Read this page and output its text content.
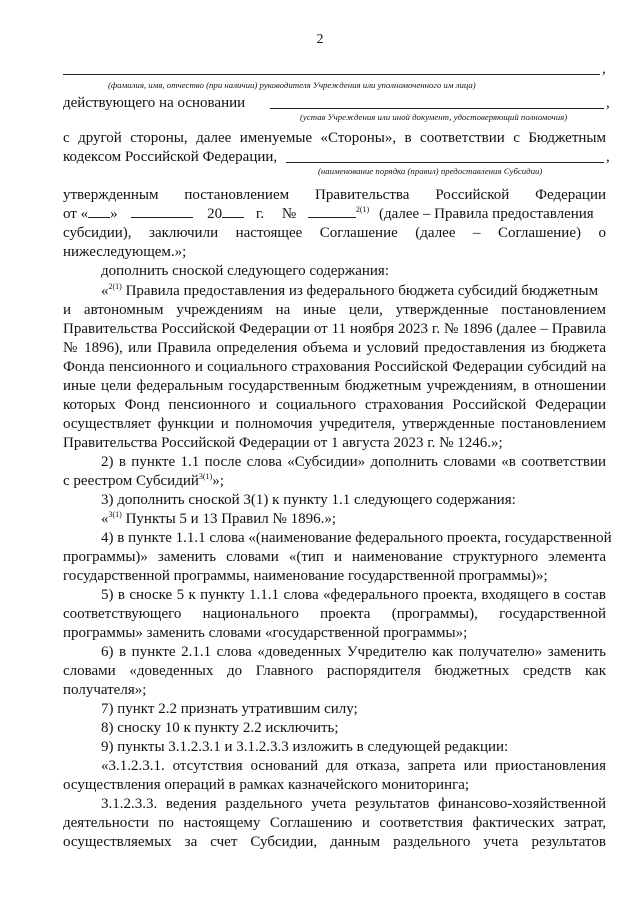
2
,
(фамилия, имя, отчество (при наличии) руководителя Учреждения или уполномоченного им лица)
действующего на основании	,
(устав Учреждения или иной документ, удостоверяющий полномочия)
с другой стороны, далее именуемые «Стороны», в соответствии с Бюджетным
кодексом Российской Федерации,	,
(наименование порядка (правил) предоставления Субсидии)
утвержденным постановлением Правительства Российской Федерации
от « »	20 г. №	$^{2(1)}$ (далее – Правила предоставления
субсидии), заключили настоящее Соглашение (далее – Соглашение) о
нижеследующем.»;
дополнить сноской следующего содержания:
«$^{2(1)}$ Правила предоставления из федерального бюджета субсидий бюджетным
и автономным учреждениям на иные цели, утвержденные постановлением
Правительства Российской Федерации от 11 ноября 2023 г. № 1896 (далее – Правила
№ 1896), или Правила определения объема и условий предоставления из бюджета
Фонда пенсионного и социального страхования Российской Федерации субсидий на
иные цели федеральным государственным бюджетным учреждениям, в отношении
которых Фонд пенсионного и социального страхования Российской Федерации
осуществляет функции и полномочия учредителя, утвержденные постановлением
Правительства Российской Федерации от 1 августа 2023 г. № 1246.»;
2) в пункте 1.1 после слова «Субсидии» дополнить словами «в соответствии
с реестром Субсидий$^{3(1)}$»;
3) дополнить сноской 3(1) к пункту 1.1 следующего содержания:
«$^{3(1)}$ Пункты 5 и 13 Правил № 1896.»;
4) в пункте 1.1.1 слова «(наименование федерального проекта, государственной
программы)» заменить словами «(тип и наименование структурного элемента
государственной программы, наименование государственной программы)»;
5) в сноске 5 к пункту 1.1.1 слова «федерального проекта, входящего в состав
соответствующего национального проекта (программы), государственной
программы» заменить словами «государственной программы»;
6) в пункте 2.1.1 слова «доведенных Учредителю как получателю» заменить
словами «доведенных до Главного распорядителя бюджетных средств как
получателя»;
7) пункт 2.2 признать утратившим силу;
8) сноску 10 к пункту 2.2 исключить;
9) пункты 3.1.2.3.1 и 3.1.2.3.3 изложить в следующей редакции:
«3.1.2.3.1. отсутствия оснований для отказа, запрета или приостановления
осуществления операций в рамках казначейского мониторинга;
3.1.2.3.3. ведения раздельного учета результатов финансово-хозяйственной
деятельности по настоящему Соглашению и соответствия фактических затрат,
осуществляемых за счет Субсидии, данным раздельного учета результатов
